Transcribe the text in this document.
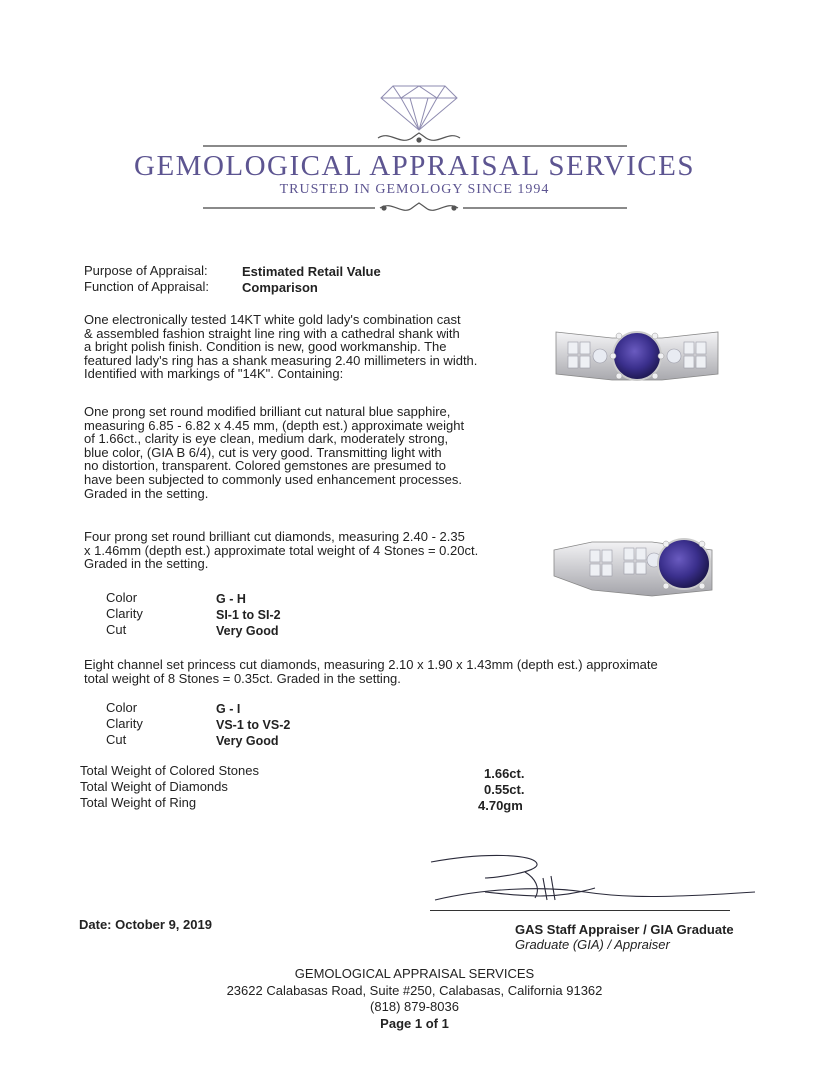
GEMOLOGICAL APPRAISAL SERVICES
TRUSTED IN GEMOLOGY SINCE 1994
Purpose of Appraisal:	Estimated Retail Value
Function of Appraisal:	Comparison
One electronically tested 14KT white gold lady's combination cast
& assembled fashion straight line ring with a cathedral shank with
a bright polish finish. Condition is new, good workmanship. The
featured lady's ring has a shank measuring 2.40 millimeters in width.
Identified with markings of "14K". Containing:
One prong set round modified brilliant cut natural blue sapphire,
measuring 6.85 - 6.82 x 4.45 mm, (depth est.) approximate weight
of 1.66ct., clarity is eye clean, medium dark, moderately strong,
blue color, (GIA B 6/4), cut is very good. Transmitting light with
no distortion, transparent. Colored gemstones are presumed to
have been subjected to commonly used enhancement processes.
Graded in the setting.
Four prong set round brilliant cut diamonds, measuring 2.40 - 2.35
x 1.46mm (depth est.) approximate total weight of 4 Stones = 0.20ct.
Graded in the setting.
Color	G - H
Clarity	SI-1 to SI-2
Cut	Very Good
Eight channel set princess cut diamonds, measuring 2.10 x 1.90 x 1.43mm (depth est.) approximate
total weight of 8 Stones = 0.35ct. Graded in the setting.
Color	G - I
Clarity	VS-1 to VS-2
Cut	Very Good
Total Weight of Colored Stones	1.66ct.
Total Weight of Diamonds	0.55ct.
Total Weight of Ring	4.70gm
Date: October 9, 2019	GAS Staff Appraiser / GIA Graduate
Graduate (GIA) / Appraiser
GEMOLOGICAL APPRAISAL SERVICES
23622 Calabasas Road, Suite #250, Calabasas, California 91362
(818) 879-8036
Page 1 of 1
